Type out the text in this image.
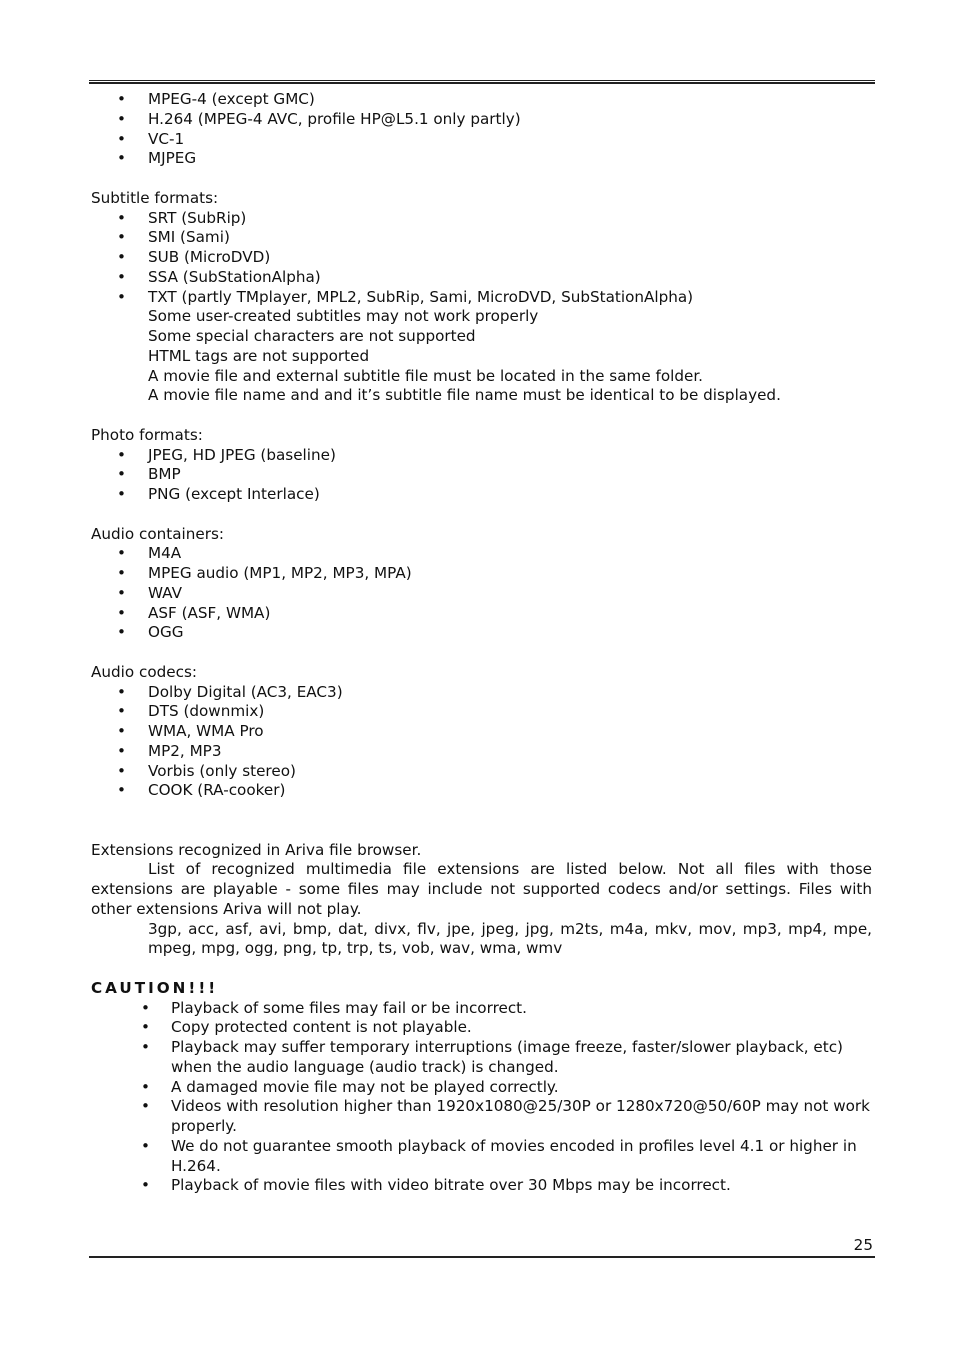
• MPEG-4 (except GMC)
• H.264 (MPEG-4 AVC, profile HP@L5.1 only partly)
• VC-1
• MJPEG
Subtitle formats:
• SRT (SubRip)
• SMI (Sami)
• SUB (MicroDVD)
• SSA (SubStationAlpha)
• TXT (partly TMplayer, MPL2, SubRip, Sami, MicroDVD, SubStationAlpha)
Some user-created subtitles may not work properly
Some special characters are not supported
HTML tags are not supported
A movie file and external subtitle file must be located in the same folder.
A movie file name and and it’s subtitle file name must be identical to be displayed.
Photo formats:
• JPEG, HD JPEG (baseline)
• BMP
• PNG (except Interlace)
Audio containers:
• M4A
• MPEG audio (MP1, MP2, MP3, MPA)
• WAV
• ASF (ASF, WMA)
• OGG
Audio codecs:
• Dolby Digital (AC3, EAC3)
• DTS (downmix)
• WMA, WMA Pro
• MP2, MP3
• Vorbis (only stereo)
• COOK (RA-cooker)
Extensions recognized in Ariva file browser.
List of recognized multimedia file extensions are listed below. Not all files with those extensions are playable - some files may include not supported codecs and/or settings. Files with other extensions Ariva will not play.
3gp, acc, asf, avi, bmp, dat, divx, flv, jpe, jpeg, jpg, m2ts, m4a, mkv, mov, mp3, mp4, mpe, mpeg, mpg, ogg, png, tp, trp, ts, vob, wav, wma, wmv
CAUTION!!!
• Playback of some files may fail or be incorrect.
• Copy protected content is not playable.
• Playback may suffer temporary interruptions (image freeze, faster/slower playback, etc) when the audio language (audio track) is changed.
• A damaged movie file may not be played correctly.
• Videos with resolution higher than 1920x1080@25/30P or 1280x720@50/60P may not work properly.
• We do not guarantee smooth playback of movies encoded in profiles level 4.1 or higher in H.264.
• Playback of movie files with video bitrate over 30 Mbps may be incorrect.
25
